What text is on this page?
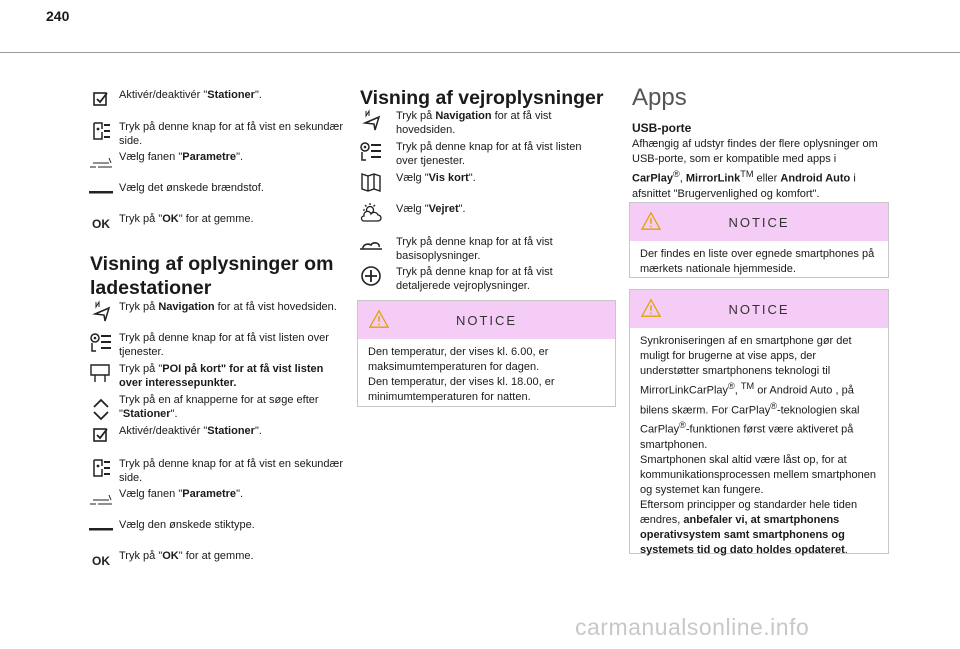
240
Aktivér/deaktivér "Stationer".
Tryk på denne knap for at få vist en sekundær side.
Vælg fanen "Parametre".
Vælg det ønskede brændstof.
OK Tryk på "OK" for at gemme.
Tryk på Navigation for at få vist hovedsiden.
Tryk på denne knap for at få vist listen over tjenester.
Tryk på "POI på kort" for at få vist listen over interessepunkter.
Tryk på en af knapperne for at søge efter "Stationer".
Aktivér/deaktivér "Stationer".
Tryk på denne knap for at få vist en sekundær side.
Vælg fanen "Parametre".
Vælg den ønskede stiktype.
OK Tryk på "OK" for at gemme.
Visning af oplysninger om ladestationer
Visning af vejroplysninger
Tryk på Navigation for at få vist hovedsiden.
Tryk på denne knap for at få vist listen over tjenester.
Vælg "Vis kort".
Vælg "Vejret".
Tryk på denne knap for at få vist basisoplysninger.
Tryk på denne knap for at få vist detaljerede vejroplysninger.
NOTICE
Den temperatur, der vises kl. 6.00, er maksimumtemperaturen for dagen.
Den temperatur, der vises kl. 18.00, er minimumtemperaturen for natten.
Apps
USB-porte
Afhængig af udstyr findes der flere oplysninger om USB-porte, som er kompatible med apps i CarPlay®, MirrorLink™ eller Android Auto i afsnittet "Brugervenlighed og komfort".
NOTICE
Der findes en liste over egnede smartphones på mærkets nationale hjemmeside.
NOTICE
Synkroniseringen af en smartphone gør det muligt for brugerne at vise apps, der understøtter smartphonens teknologi til MirrorLinkCarPlay®, ™ or Android Auto , på bilens skærm. For CarPlay®-teknologien skal CarPlay®-funktionen først være aktiveret på smartphonen.
Smartphonen skal altid være låst op, for at kommunikationsprocessen mellem smartphonen og systemet kan fungere.
Eftersom principper og standarder hele tiden ændres, anbefaler vi, at smartphonens operativsystem samt smartphonens og systemets tid og dato holdes opdateret.
carmanualsonline.info
